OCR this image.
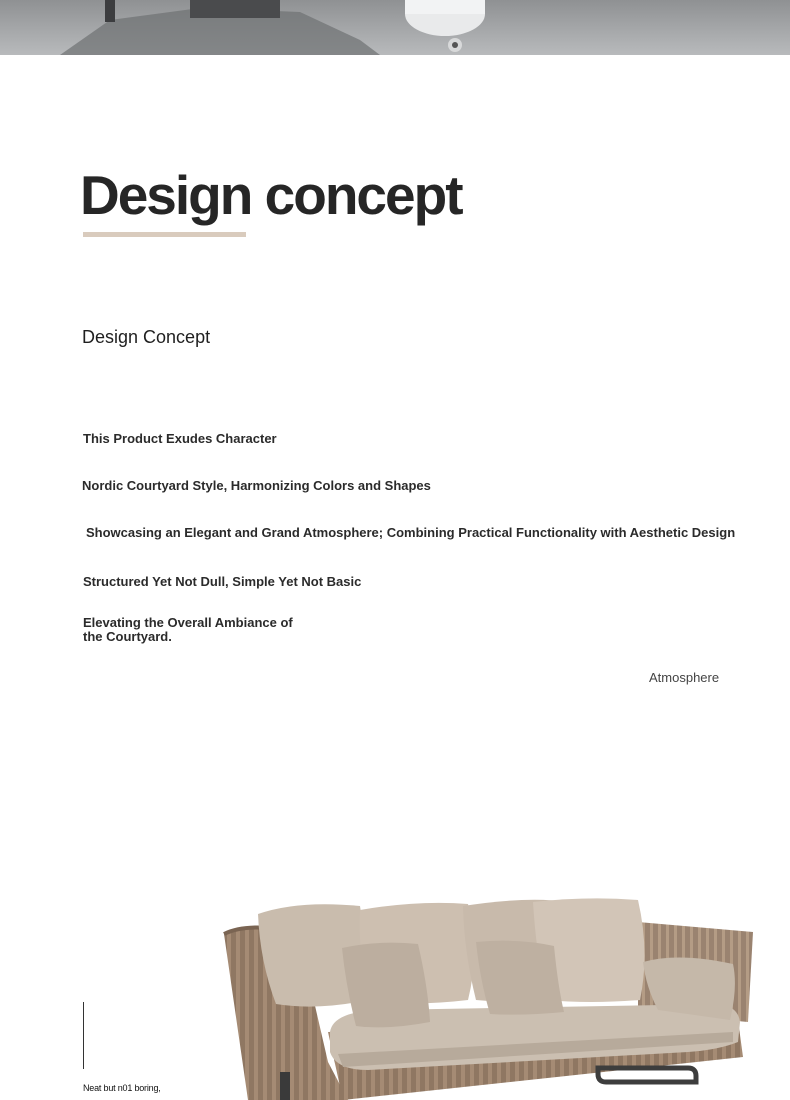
Design concept
Design Concept
This Product Exudes Character
Nordic Courtyard Style, Harmonizing Colors and Shapes
Showcasing an Elegant and Grand Atmosphere; Combining Practical Functionality with Aesthetic Design
Structured Yet Not Dull, Simple Yet Not Basic
Elevating the Overall Ambiance of the Courtyard.
Atmosphere
Neat but n01 boring,
